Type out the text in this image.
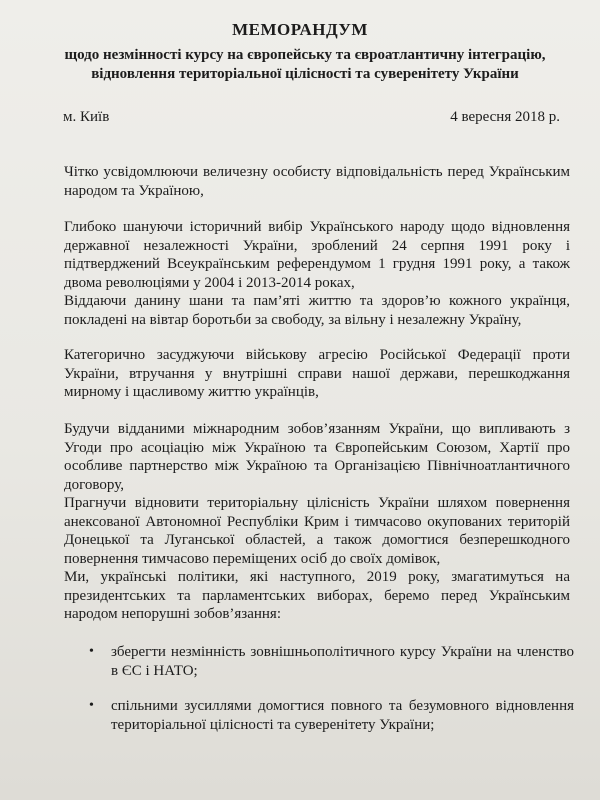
МЕМОРАНДУМ
щодо незмінності курсу на європейську та євроатлантичну інтеграцію, відновлення територіальної цілісності та суверенітету України
м. Київ	4 вересня 2018 р.

Чітко усвідомлюючи величезну особисту відповідальність перед Українським народом та Україною,

Глибоко шануючи історичний вибір Українського народу щодо відновлення державної незалежності України, зроблений 24 серпня 1991 року і підтверджений Всеукраїнським референдумом 1 грудня 1991 року, а також двома революціями у 2004 і 2013-2014 роках,

Віддаючи данину шани та пам’яті життю та здоров’ю кожного українця, покладені на вівтар боротьби за свободу, за вільну і незалежну Україну,

Категорично засуджуючи військову агресію Російської Федерації проти України, втручання у внутрішні справи нашої держави, перешкоджання мирному і щасливому життю українців,

Будучи відданими міжнародним зобов’язанням України, що випливають з Угоди про асоціацію між Україною та Європейським Союзом, Хартії про особливе партнерство між Україною та Організацією Північноатлантичного договору,

Прагнучи відновити територіальну цілісність України шляхом повернення анексованої Автономної Республіки Крим і тимчасово окупованих територій Донецької та Луганської областей, а також домогтися безперешкодного повернення тимчасово переміщених осіб до своїх домівок,

Ми, українські політики, які наступного, 2019 року, змагатимуться на президентських та парламентських виборах, беремо перед Українським народом непорушні зобов’язання:

• зберегти незмінність зовнішньополітичного курсу України на членство в ЄС і НАТО;

• спільними зусиллями домогтися повного та безумовного відновлення територіальної цілісності та суверенітету України;
